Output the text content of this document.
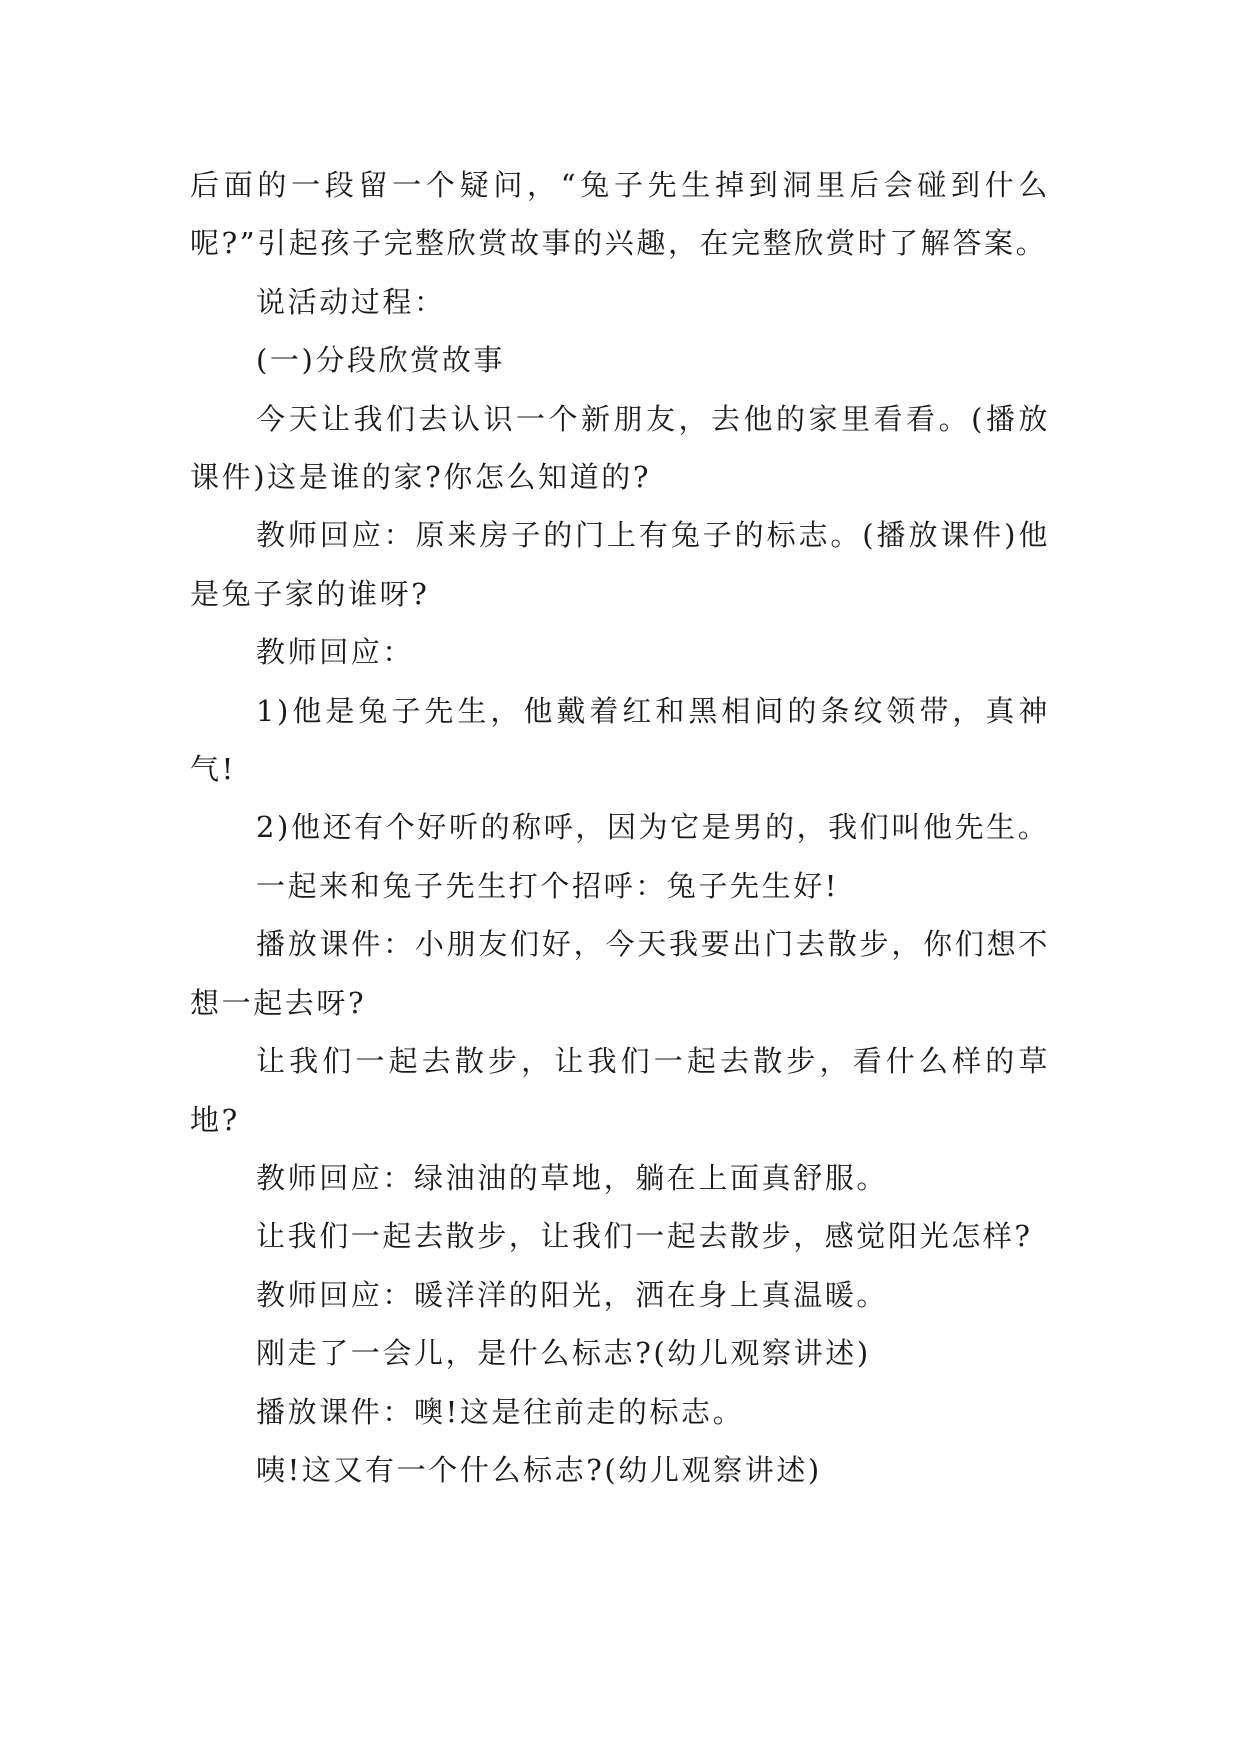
后面的一段留一个疑问，“兔子先生掉到洞里后会碰到什么呢?”引起孩子完整欣赏故事的兴趣，在完整欣赏时了解答案。

说活动过程：

(一)分段欣赏故事

今天让我们去认识一个新朋友，去他的家里看看。(播放课件)这是谁的家?你怎么知道的?

教师回应：原来房子的门上有兔子的标志。(播放课件)他是兔子家的谁呀?

教师回应：

1)他是兔子先生，他戴着红和黑相间的条纹领带，真神气!

2)他还有个好听的称呼，因为它是男的，我们叫他先生。

一起来和兔子先生打个招呼：兔子先生好!

播放课件：小朋友们好，今天我要出门去散步，你们想不想一起去呀?

让我们一起去散步，让我们一起去散步，看什么样的草地?

教师回应：绿油油的草地，躺在上面真舒服。

让我们一起去散步，让我们一起去散步，感觉阳光怎样?

教师回应：暖洋洋的阳光，洒在身上真温暖。

刚走了一会儿，是什么标志?(幼儿观察讲述)

播放课件：噢!这是往前走的标志。

咦!这又有一个什么标志?(幼儿观察讲述)
